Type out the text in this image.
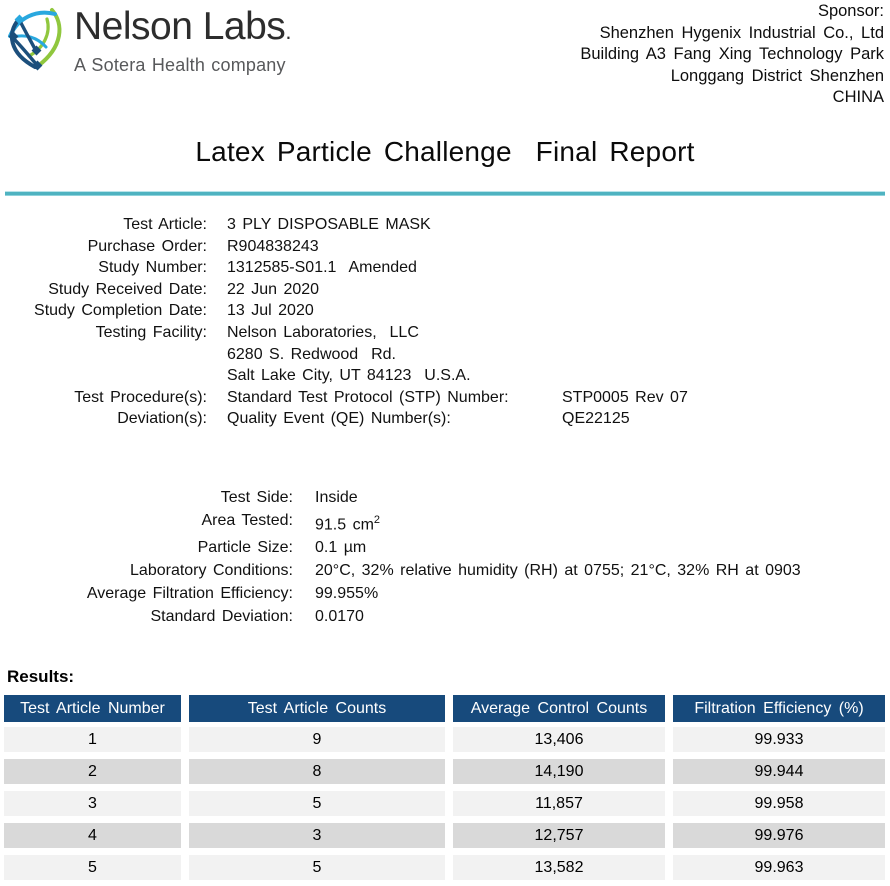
Nelson Labs.
A Sotera Health company
Sponsor:
Shenzhen Hygenix Industrial Co., Ltd
Building A3 Fang Xing Technology Park
Longgang District Shenzhen
CHINA
Latex Particle Challenge  Final Report
Test Article: 3 PLY DISPOSABLE MASK
Purchase Order: R904838243
Study Number: 1312585-S01.1  Amended
Study Received Date: 22 Jun 2020
Study Completion Date: 13 Jul 2020
Testing Facility: Nelson Laboratories,  LLC
6280 S. Redwood  Rd.
Salt Lake City, UT 84123  U.S.A.
Test Procedure(s): Standard Test Protocol (STP) Number:	STP0005 Rev 07
Deviation(s): Quality Event (QE) Number(s):	QE22125
Test Side: Inside
Area Tested: 91.5 $cm^2$
Particle Size: 0.1 µm
Laboratory Conditions: 20°C, 32% relative humidity (RH) at 0755; 21°C, 32% RH at 0903
Average Filtration Efficiency: 99.955%
Standard Deviation: 0.0170
Results:
Test Article Number	Test Article Counts	Average Control Counts	Filtration Efficiency (%)
1	9	13,406	99.933
2	8	14,190	99.944
3	5	11,857	99.958
4	3	12,757	99.976
5	5	13,582	99.963
